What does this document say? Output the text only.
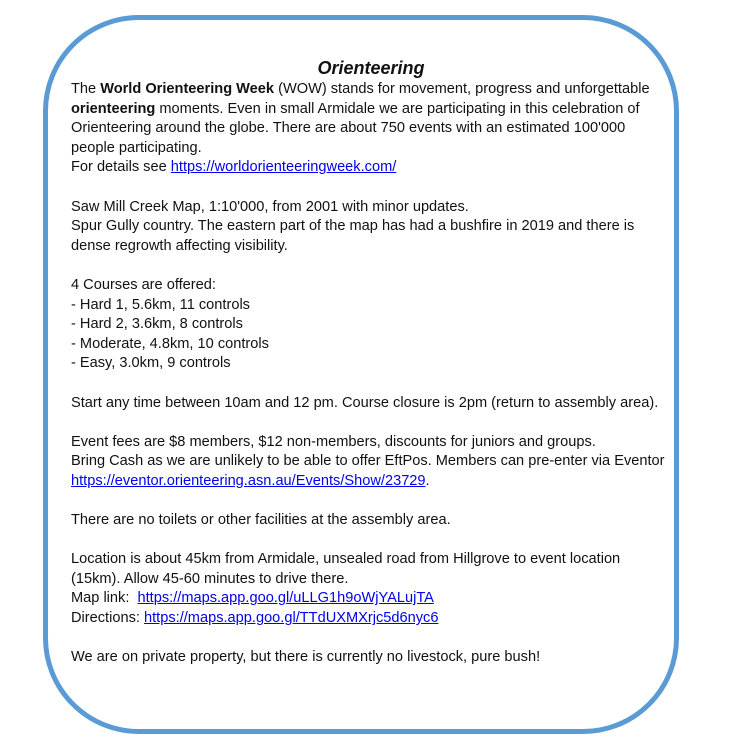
Orienteering

The World Orienteering Week (WOW) stands for movement, progress and unforgettable orienteering moments. Even in small Armidale we are participating in this celebration of Orienteering around the globe. There are about 750 events with an estimated 100'000 people participating.

For details see https://worldorienteeringweek.com/

Saw Mill Creek Map, 1:10'000, from 2001 with minor updates.

Spur Gully country. The eastern part of the map has had a bushfire in 2019 and there is dense regrowth affecting visibility.

4 Courses are offered:

- Hard 1, 5.6km, 11 controls

- Hard 2, 3.6km, 8 controls

- Moderate, 4.8km, 10 controls

- Easy, 3.0km, 9 controls

Start any time between 10am and 12 pm. Course closure is 2pm (return to assembly area).

Event fees are $8 members, $12 non-members, discounts for juniors and groups.

Bring Cash as we are unlikely to be able to offer EftPos. Members can pre-enter via Eventor https://eventor.orienteering.asn.au/Events/Show/23729.

There are no toilets or other facilities at the assembly area.

Location is about 45km from Armidale, unsealed road from Hillgrove to event location (15km). Allow 45-60 minutes to drive there.

Map link:  https://maps.app.goo.gl/uLLG1h9oWjYALujTA

Directions: https://maps.app.goo.gl/TTdUXMXrjc5d6nyc6

We are on private property, but there is currently no livestock, pure bush!
